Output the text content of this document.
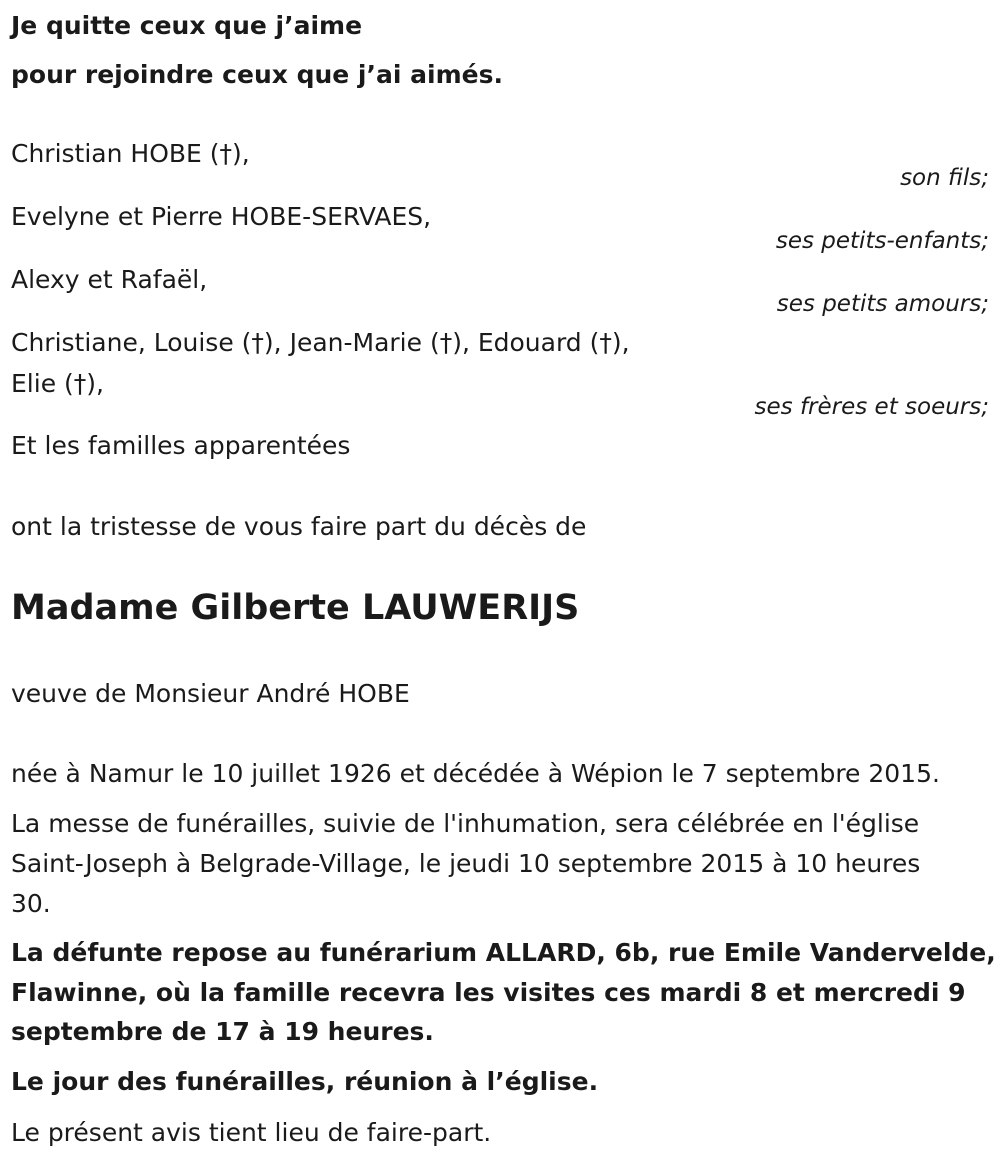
Je quitte ceux que j’aime
pour rejoindre ceux que j’ai aimés.
Christian HOBE (†),
son fils;
Evelyne et Pierre HOBE-SERVAES,
ses petits-enfants;
Alexy et Rafaël,
ses petits amours;
Christiane, Louise (†), Jean-Marie (†), Edouard (†),
Elie (†),
ses frères et soeurs;
Et les familles apparentées
ont la tristesse de vous faire part du décès de
Madame Gilberte LAUWERIJS
veuve de Monsieur André HOBE
née à Namur le 10 juillet 1926 et décédée à Wépion le 7 septembre 2015.
La messe de funérailles, suivie de l'inhumation, sera célébrée en l'église
Saint-Joseph à Belgrade-Village, le jeudi 10 septembre 2015 à 10 heures
30.
La défunte repose au funérarium ALLARD, 6b, rue Emile Vandervelde,
Flawinne, où la famille recevra les visites ces mardi 8 et mercredi 9
septembre de 17 à 19 heures.
Le jour des funérailles, réunion à l’église.
Le présent avis tient lieu de faire-part.
